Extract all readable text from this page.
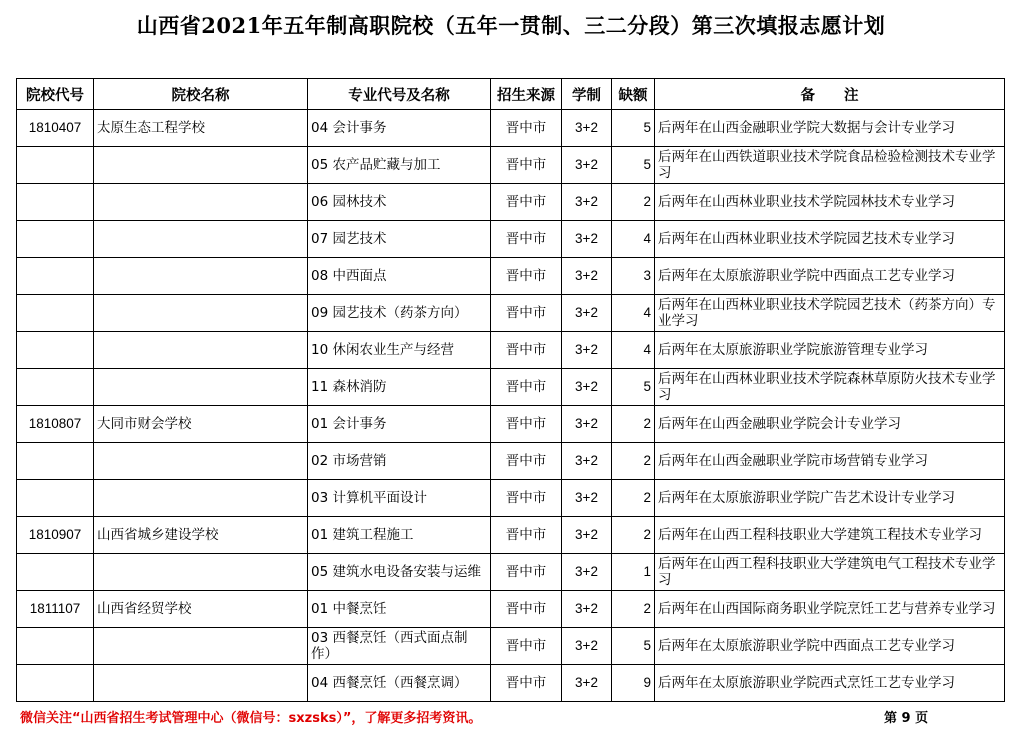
山西省2021年五年制高职院校（五年一贯制、三二分段）第三次填报志愿计划
院校代号	院校名称	专业代号及名称	招生来源	学制	缺额	备　　注
1810407	太原生态工程学校	04 会计事务	晋中市	3+2	5	后两年在山西金融职业学院大数据与会计专业学习
		05 农产品贮藏与加工	晋中市	3+2	5	后两年在山西铁道职业技术学院食品检验检测技术专业学习
		06 园林技术	晋中市	3+2	2	后两年在山西林业职业技术学院园林技术专业学习
		07 园艺技术	晋中市	3+2	4	后两年在山西林业职业技术学院园艺技术专业学习
		08 中西面点	晋中市	3+2	3	后两年在太原旅游职业学院中西面点工艺专业学习
		09 园艺技术（药茶方向）	晋中市	3+2	4	后两年在山西林业职业技术学院园艺技术（药茶方向）专业学习
		10 休闲农业生产与经营	晋中市	3+2	4	后两年在太原旅游职业学院旅游管理专业学习
		11 森林消防	晋中市	3+2	5	后两年在山西林业职业技术学院森林草原防火技术专业学习
1810807	大同市财会学校	01 会计事务	晋中市	3+2	2	后两年在山西金融职业学院会计专业学习
		02 市场营销	晋中市	3+2	2	后两年在山西金融职业学院市场营销专业学习
		03 计算机平面设计	晋中市	3+2	2	后两年在太原旅游职业学院广告艺术设计专业学习
1810907	山西省城乡建设学校	01 建筑工程施工	晋中市	3+2	2	后两年在山西工程科技职业大学建筑工程技术专业学习
		05 建筑水电设备安装与运维	晋中市	3+2	1	后两年在山西工程科技职业大学建筑电气工程技术专业学习
1811107	山西省经贸学校	01 中餐烹饪	晋中市	3+2	2	后两年在山西国际商务职业学院烹饪工艺与营养专业学习
		03 西餐烹饪（西式面点制作）	晋中市	3+2	5	后两年在太原旅游职业学院中西面点工艺专业学习
		04 西餐烹饪（西餐烹调）	晋中市	3+2	9	后两年在太原旅游职业学院西式烹饪工艺专业学习
微信关注“山西省招生考试管理中心（微信号：sxzsks）”，了解更多招考资讯。	第 9 页
